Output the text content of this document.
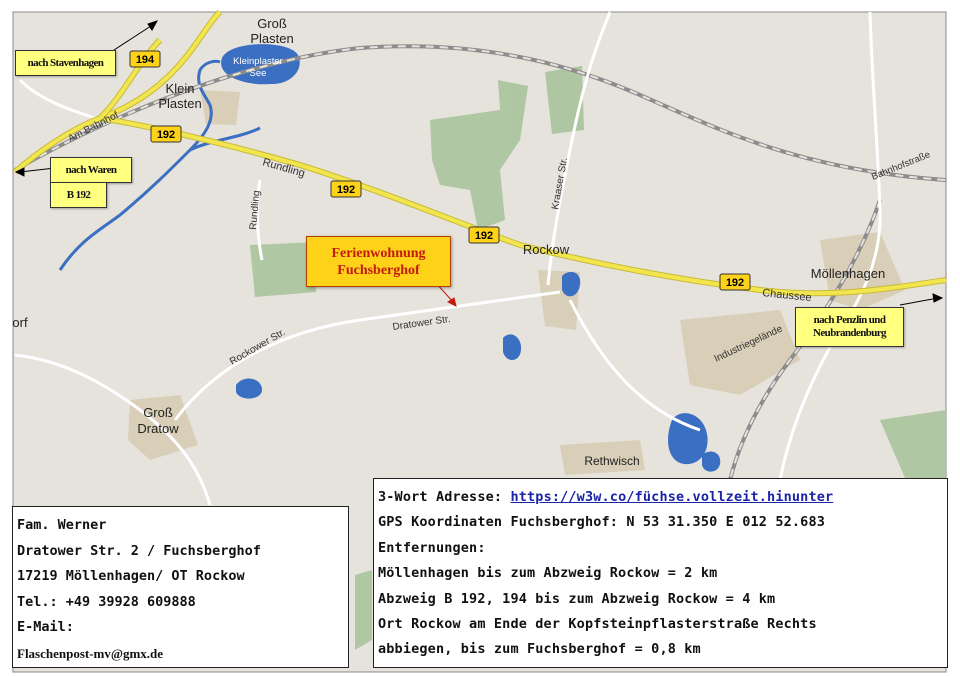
194
192
192
192
192
Groß
Plasten
Kleinplaster
See
Klein
Plasten
Rockow
Möllenhagen
Groß
Dratow
Rethwisch
orf
Am Bahnhof
Rundling
Rundling	Kraaser Str.
Dratower Str.
Rockower Str.
Chaussee
Industriegelände
Bahnhofstraße
nach Stavenhagen
nach Waren
B 192
nach Penzlin und
Neubrandenburg
Ferienwohnung
Fuchsberghof
Fam. Werner
Dratower Str. 2 / Fuchsberghof
17219 Möllenhagen/ OT Rockow
Tel.: +49 39928 609888
E-Mail:
Flaschenpost-mv@gmx.de
3-Wort Adresse: https://w3w.co/füchse.vollzeit.hinunter
GPS Koordinaten Fuchsberghof: N 53 31.350 E 012 52.683
Entfernungen:
Möllenhagen bis zum Abzweig Rockow = 2 km
Abzweig B 192, 194 bis zum Abzweig Rockow = 4 km
Ort Rockow am Ende der Kopfsteinpflasterstraße Rechts
abbiegen, bis zum Fuchsberghof = 0,8 km
